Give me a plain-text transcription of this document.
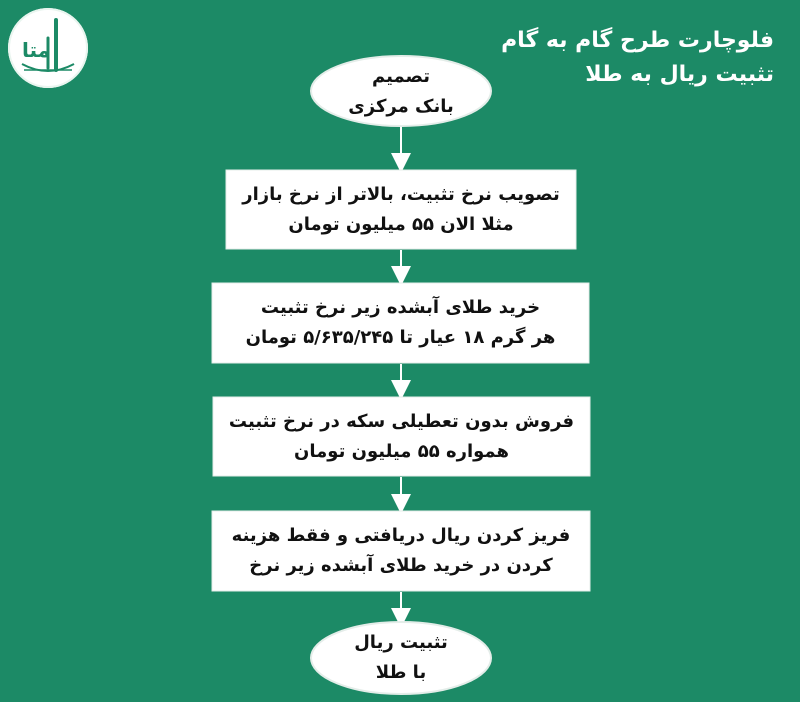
متا	فلوچارت طرح گام به گام
تثبیت ریال به طلا
تصمیم
بانک مرکزی
تصویب نرخ تثبیت، بالاتر از نرخ بازار
مثلا الان ۵۵ میلیون تومان
خرید طلای آبشده زیر نرخ تثبیت
هر گرم ۱۸ عیار تا ۵/۶۳۵/۲۴۵ تومان
فروش بدون تعطیلی سکه در نرخ تثبیت
همواره ۵۵ میلیون تومان
فریز کردن ریال دریافتی و فقط هزینه
کردن در خرید طلای آبشده زیر نرخ
تثبیت ریال
با طلا
